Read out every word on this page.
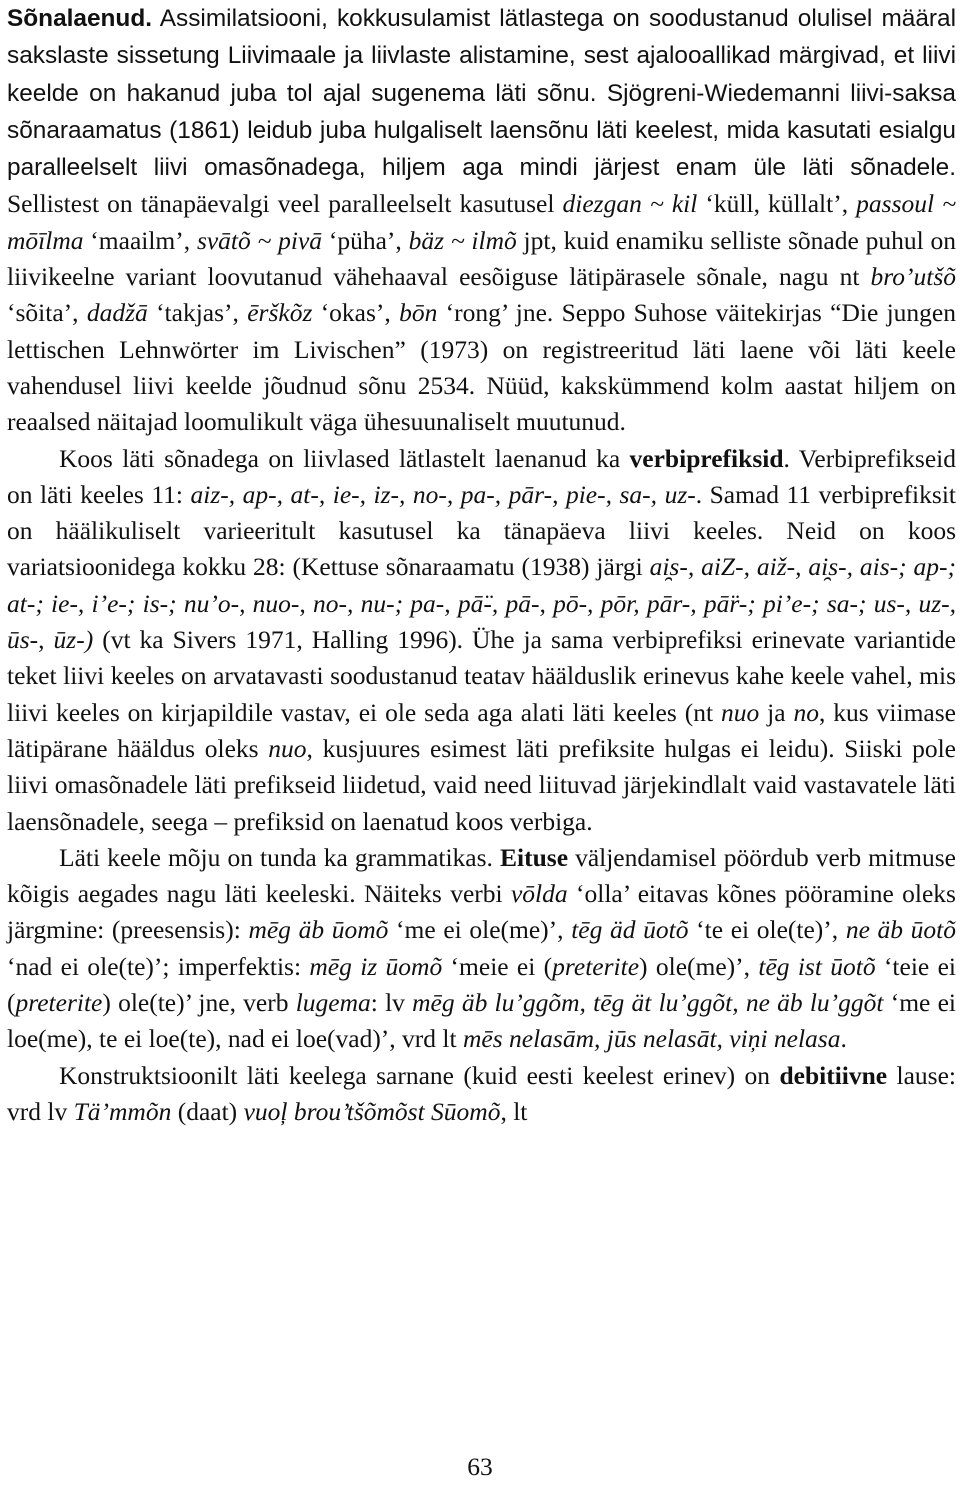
Sõnalaenud. Assimilatsiooni, kokkusulamist lätlastega on soodustanud olulisel määral sakslaste sissetung Liivimaale ja liivlaste alistamine, sest ajalooallikad märgivad, et liivi keelde on hakanud juba tol ajal sugenema läti sõnu. Sjögreni-Wiedemanni liivi-saksa sõnaraamatus (1861) leidub juba hulgaliselt laensõnu läti keelest, mida kasutati esialgu paralleelselt liivi omasõnadega, hiljem aga mindi järjest enam üle läti sõnadele. Sellistest on tänapäevalgi veel paralleelselt kasutusel diezgan ~ kil ‘küll, küllalt’, passoul ~ mōīlma ‘maailm’, svātõ ~ pivā ‘püha’, bäz ~ ilmõ jpt, kuid enamiku selliste sõnade puhul on liivikeelne variant loovutanud vähehaaval eesõiguse lätipärasele sõnale, nagu nt bro’utšõ ‘sõita’, dadžā ‘takjas’, ērškõz ‘okas’, bōn ‘rong’ jne. Seppo Suhose väitekirjas “Die jungen lettischen Lehnwörter im Livischen” (1973) on registreeritud läti laene või läti keele vahendusel liivi keelde jõudnud sõnu 2534. Nüüd, kakskümmend kolm aastat hiljem on reaalsed näitajad loomulikult väga ühesuunaliselt muutunud.

Koos läti sõnadega on liivlased lätlastelt laenanud ka verbiprefiksid. Verbiprefikseid on läti keeles 11: aiz-, ap-, at-, ie-, iz-, no-, pa-, pār-, pie-, sa-, uz-. Samad 11 verbiprefiksit on häälikuliselt varieeritult kasutusel ka tänapäeva liivi keeles. Neid on koos variatsioonidega kokku 28: (Kettuse sõnaraamatu (1938) järgi ai̯s-, aiZ-, aiž-, ai̯s-, ais-; ap-; at-; ie-, i’e-; is-; nu’o-, nuo-, no-, nu-; pa-, pā̈-, pā-, pō-, pōr, pār-, pā̈r-; pi’e-; sa-; us-, uz-, ūs-, ūz-) (vt ka Sivers 1971, Halling 1996). Ühe ja sama verbiprefiksi erinevate variantide teket liivi keeles on arvatavasti soodustanud teatav häälduslik erinevus kahe keele vahel, mis liivi keeles on kirjapildile vastav, ei ole seda aga alati läti keeles (nt nuo ja no, kus viimase lätipärane hääldus oleks nuo, kusjuures esimest läti prefiksite hulgas ei leidu). Siiski pole liivi omasõnadele läti prefikseid liidetud, vaid need liituvad järjekindlalt vaid vastavatele läti laensõnadele, seega – prefiksid on laenatud koos verbiga.

Läti keele mõju on tunda ka grammatikas. Eituse väljendamisel pöördub verb mitmuse kõigis aegades nagu läti keeleski. Näiteks verbi vōlda ‘olla’ eitavas kõnes pööramine oleks järgmine: (preesensis): mēg äb ūomõ ‘me ei ole(me)’, tēg äd ūotõ ‘te ei ole(te)’, ne äb ūotõ ‘nad ei ole(te)’; imperfektis: mēg iz ūomõ ‘meie ei (preterite) ole(me)’, tēg ist ūotõ ‘teie ei (preterite) ole(te)’ jne, verb lugema: lv mēg äb lu’ggõm, tēg ät lu’ggõt, ne äb lu’ggõt ‘me ei loe(me), te ei loe(te), nad ei loe(vad)’, vrd lt mēs nelasām, jūs nelasāt, viņi nelasa.

Konstruktsioonilt läti keelega sarnane (kuid eesti keelest erinev) on debitiivne lause: vrd lv Tä’mmõn (daat) vuoļ brou’tšõmõst Sūomõ, lt

63
